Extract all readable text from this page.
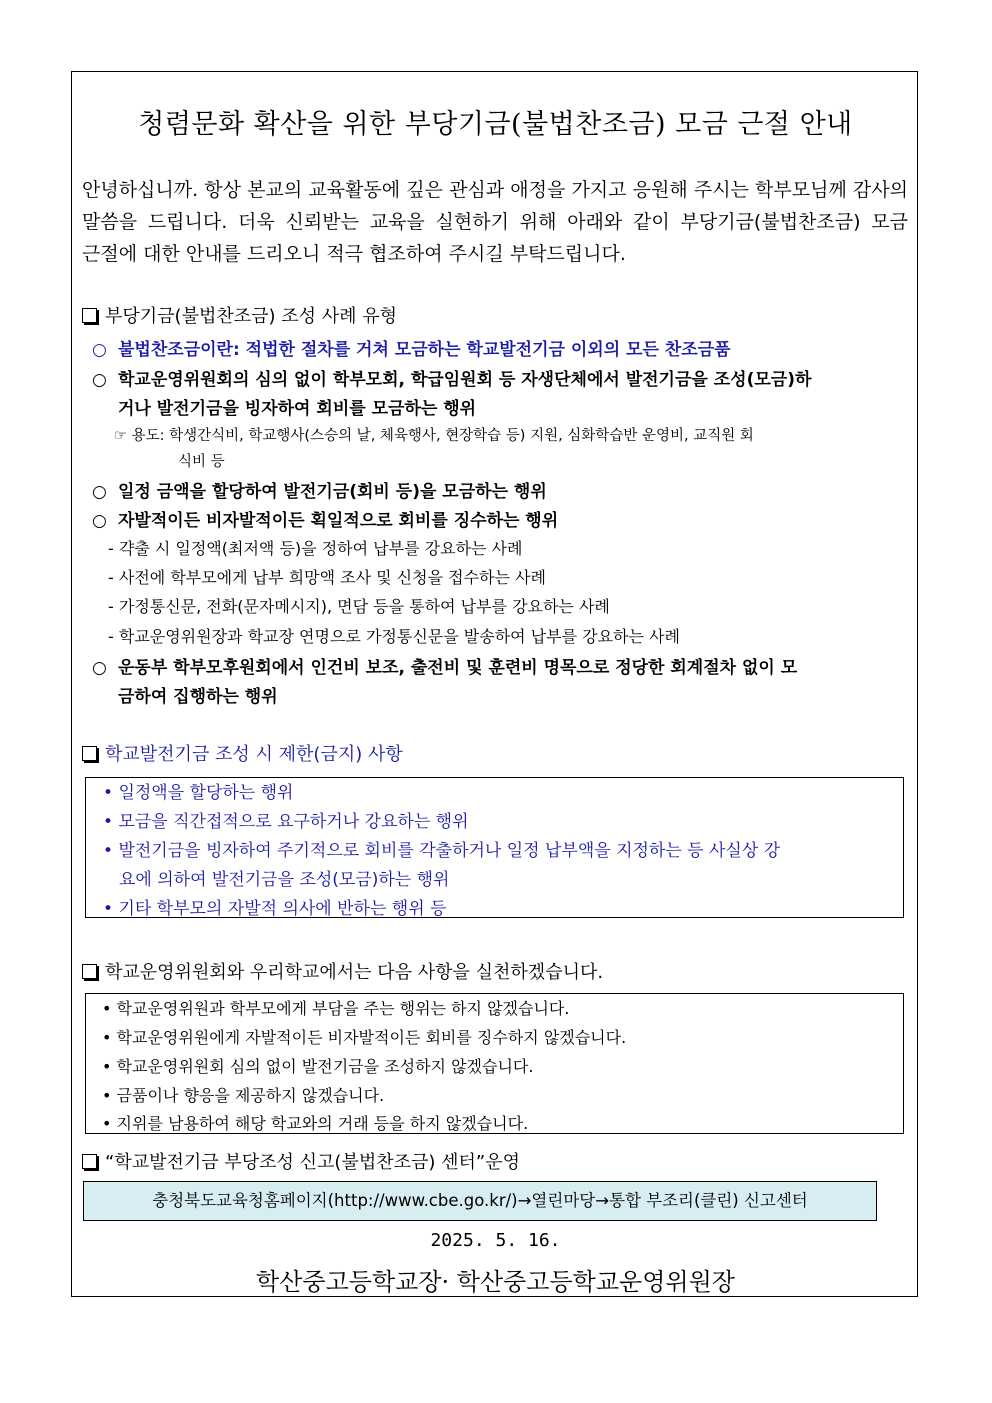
청렴문화 확산을 위한 부당기금(불법찬조금) 모금 근절 안내
안녕하십니까. 항상 본교의 교육활동에 깊은 관심과 애정을 가지고 응원해 주시는 학부모님께 감사의 말씀을 드립니다. 더욱 신뢰받는 교육을 실현하기 위해 아래와 같이 부당기금(불법찬조금) 모금 근절에 대한 안내를 드리오니 적극 협조하여 주시길 부탁드립니다.
부당기금(불법찬조금) 조성 사례 유형
○ 불법찬조금이란: 적법한 절차를 거쳐 모금하는 학교발전기금 이외의 모든 찬조금품
○ 학교운영위원회의 심의 없이 학부모회, 학급임원회 등 자생단체에서 발전기금을 조성(모금)하
거나 발전기금을 빙자하여 회비를 모금하는 행위
☞ 용도: 학생간식비, 학교행사(스승의 날, 체육행사, 현장학습 등) 지원, 심화학습반 운영비, 교직원 회
식비 등
○ 일정 금액을 할당하여 발전기금(회비 등)을 모금하는 행위
○ 자발적이든 비자발적이든 획일적으로 회비를 징수하는 행위
- 갹출 시 일정액(최저액 등)을 정하여 납부를 강요하는 사례
- 사전에 학부모에게 납부 희망액 조사 및 신청을 접수하는 사례
- 가정통신문, 전화(문자메시지), 면담 등을 통하여 납부를 강요하는 사례
- 학교운영위원장과 학교장 연명으로 가정통신문을 발송하여 납부를 강요하는 사례
○ 운동부 학부모후원회에서 인건비 보조, 출전비 및 훈련비 명목으로 정당한 회계절차 없이 모
금하여 집행하는 행위
학교발전기금 조성 시 제한(금지) 사항
• 일정액을 할당하는 행위
• 모금을 직간접적으로 요구하거나 강요하는 행위
• 발전기금을 빙자하여 주기적으로 회비를 각출하거나 일정 납부액을 지정하는 등 사실상 강
요에 의하여 발전기금을 조성(모금)하는 행위
• 기타 학부모의 자발적 의사에 반하는 행위 등
학교운영위원회와 우리학교에서는 다음 사항을 실천하겠습니다.
• 학교운영위원과 학부모에게 부담을 주는 행위는 하지 않겠습니다.
• 학교운영위원에게 자발적이든 비자발적이든 회비를 징수하지 않겠습니다.
• 학교운영위원회 심의 없이 발전기금을 조성하지 않겠습니다.
• 금품이나 향응을 제공하지 않겠습니다.
• 지위를 남용하여 해당 학교와의 거래 등을 하지 않겠습니다.
“학교발전기금 부당조성 신고(불법찬조금) 센터”운영
충청북도교육청홈페이지(http://www.cbe.go.kr/)→열린마당→통합 부조리(클린) 신고센터
2025. 5. 16.
학산중고등학교장· 학산중고등학교운영위원장
